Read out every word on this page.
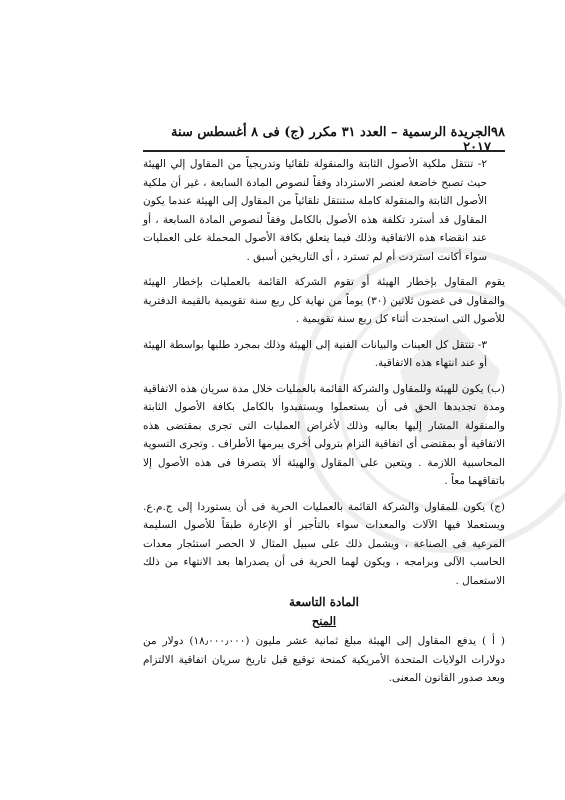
٩٨
الجريدة الرسمية – العدد ٣١ مكرر (ج) فى ٨ أغسطس سنة ٢٠١٧

٢- تنتقل ملكية الأصول الثابتة والمنقولة تلقائيا وتدريجياً من المقاول إلي الهيئة حيث تصبح خاضعة لعنصر الاسترداد وفقاً لنصوص المادة السابعة ، غير أن ملكية الأصول الثابتة والمنقولة كاملة ستنتقل تلقائياً من المقاول إلى الهيئة عندما يكون المقاول قد أسترد تكلفة هذه الأصول بالكامل وفقاً لنصوص المادة السابعة ، أو عند انقضاء هذه الاتفاقية وذلك فيما يتعلق بكافة الأصول المحملة على العمليات سواء أكانت استردت أم لم تسترد ، أى التاريخين أسبق .

يقوم المقاول بإخطار الهيئة أو تقوم الشركة القائمة بالعمليات بإخطار الهيئة والمقاول فى غضون ثلاثين (٣٠) يوماً من نهاية كل ربع سنة تقويمية بالقيمة الدفترية للأصول التى استجدت أثناء كل ربع سنة تقويمية .

٣- تنتقل كل العينات والبيانات الفنية إلى الهيئة وذلك بمجرد طلبها بواسطة الهيئة أو عند انتهاء هذه الاتفاقية.

(ب) يكون للهيئة وللمقاول والشركة القائمة بالعمليات خلال مدة سريان هذه الاتفاقية ومدة تجديدها الحق فى أن يستعملوا ويستفيدوا بالكامل بكافة الأصول الثابتة والمنقولة المشار إليها بعاليه وذلك لأغراض العمليات التى تجرى بمقتضى هذه الاتفاقية أو بمقتضى أى اتفاقية التزام بترولى أخرى يبرمها الأطراف . وتجرى التسوية المحاسبية اللازمة . ويتعين على المقاول والهيئة ألا يتصرفا فى هذه الأصول إلا باتفاقهما معاً .

(ج) يكون للمقاول والشركة القائمة بالعمليات الحرية فى أن يستوردا إلى ج.م.ع. ويستعملا فيها الآلات والمعدات سواء بالتأجير أو الإعارة طبقاً للأصول السليمة المرعية فى الصناعة ، ويشمل ذلك على سبيل المثال لا الحصر استئجار معدات الحاسب الآلى وبرامجه ، ويكون لهما الحرية فى أن يصدراها بعد الانتهاء من ذلك الاستعمال .

المادة التاسعة
المنح

( أ ) يدفع المقاول إلى الهيئة مبلغ ثمانية عشر مليون (١٨٫٠٠٠٫٠٠٠) دولار من دولارات الولايات المتحدة الأمريكية كمنحة توقيع قبل تاريخ سريان اتفاقية الالتزام وبعد صدور القانون المعنى.
